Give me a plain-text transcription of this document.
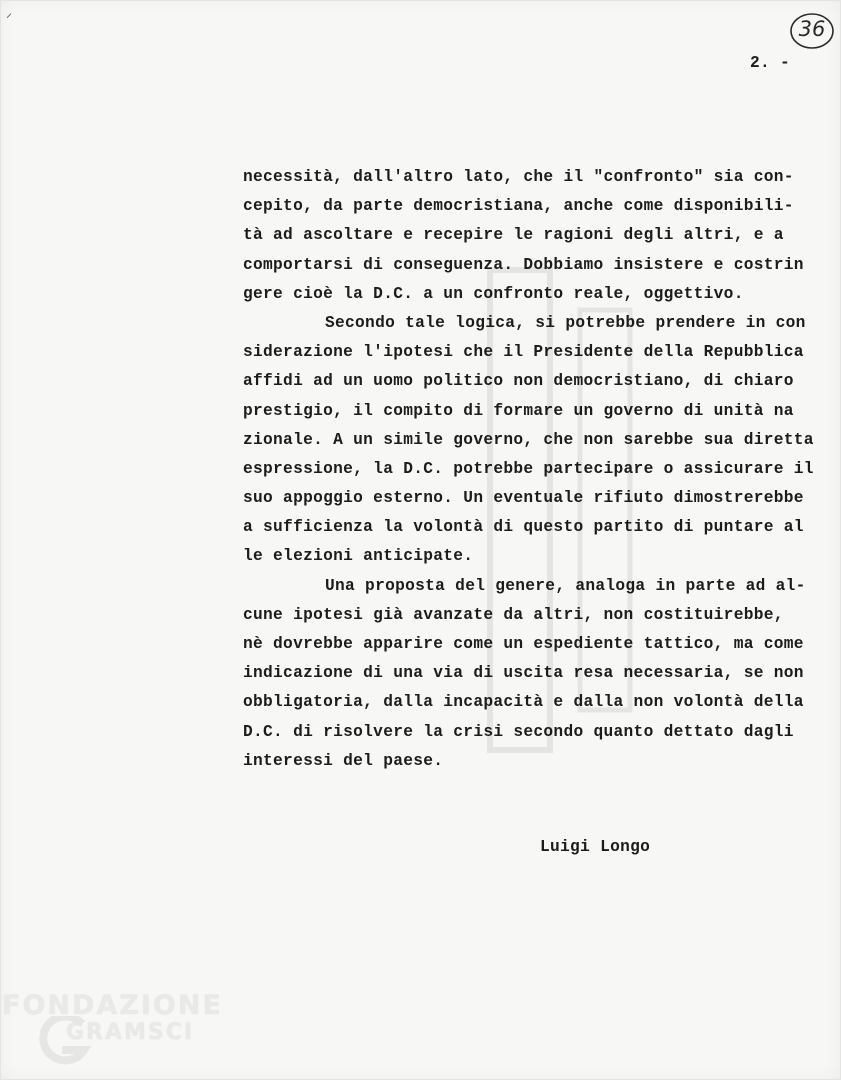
⸍	36
2. -
necessità, dall'altro lato, che il "confronto" sia con-
cepito, da parte democristiana, anche come disponibili-
tà ad ascoltare e recepire le ragioni degli altri, e a
comportarsi di conseguenza. Dobbiamo insistere e costrin
gere cioè la D.C. a un confronto reale, oggettivo.
Secondo tale logica, si potrebbe prendere in con
siderazione l'ipotesi che il Presidente della Repubblica
affidi ad un uomo politico non democristiano, di chiaro
prestigio, il compito di formare un governo di unità na
zionale. A un simile governo, che non sarebbe sua diretta
espressione, la D.C. potrebbe partecipare o assicurare il
suo appoggio esterno. Un eventuale rifiuto dimostrerebbe
a sufficienza la volontà di questo partito di puntare al
le elezioni anticipate.
Una proposta del genere, analoga in parte ad al-
cune ipotesi già avanzate da altri, non costituirebbe,
nè dovrebbe apparire come un espediente tattico, ma come
indicazione di una via di uscita resa necessaria, se non
obbligatoria, dalla incapacità e dalla non volontà della
D.C. di risolvere la crisi secondo quanto dettato dagli
interessi del paese.
Luigi Longo
FONDAZIONE
GRAMSCI
